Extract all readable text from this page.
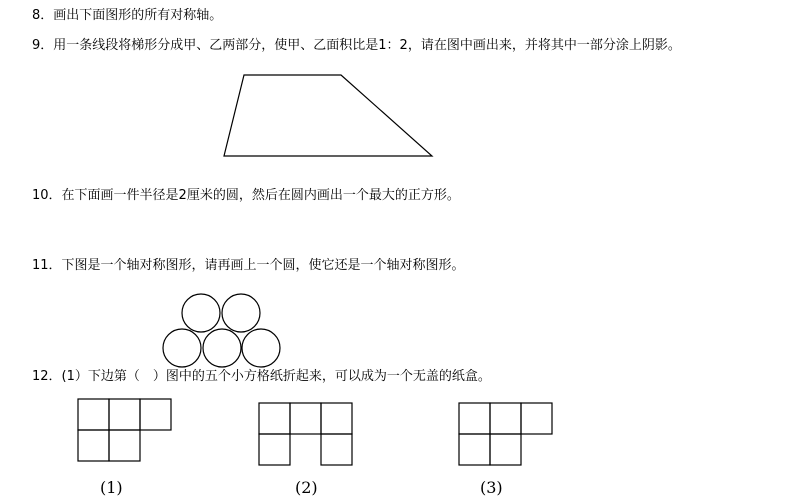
8．画出下面图形的所有对称轴。
9．用一条线段将梯形分成甲、乙两部分，使甲、乙面积比是1：2，请在图中画出来，并将其中一部分涂上阴影。
10．在下面画一件半径是2厘米的圆，然后在圆内画出一个最大的正方形。
11．下图是一个轴对称图形，请再画上一个圆，使它还是一个轴对称图形。
12．(1）下边第（　）图中的五个小方格纸折起来，可以成为一个无盖的纸盒。
(1)	(2)	(3)
